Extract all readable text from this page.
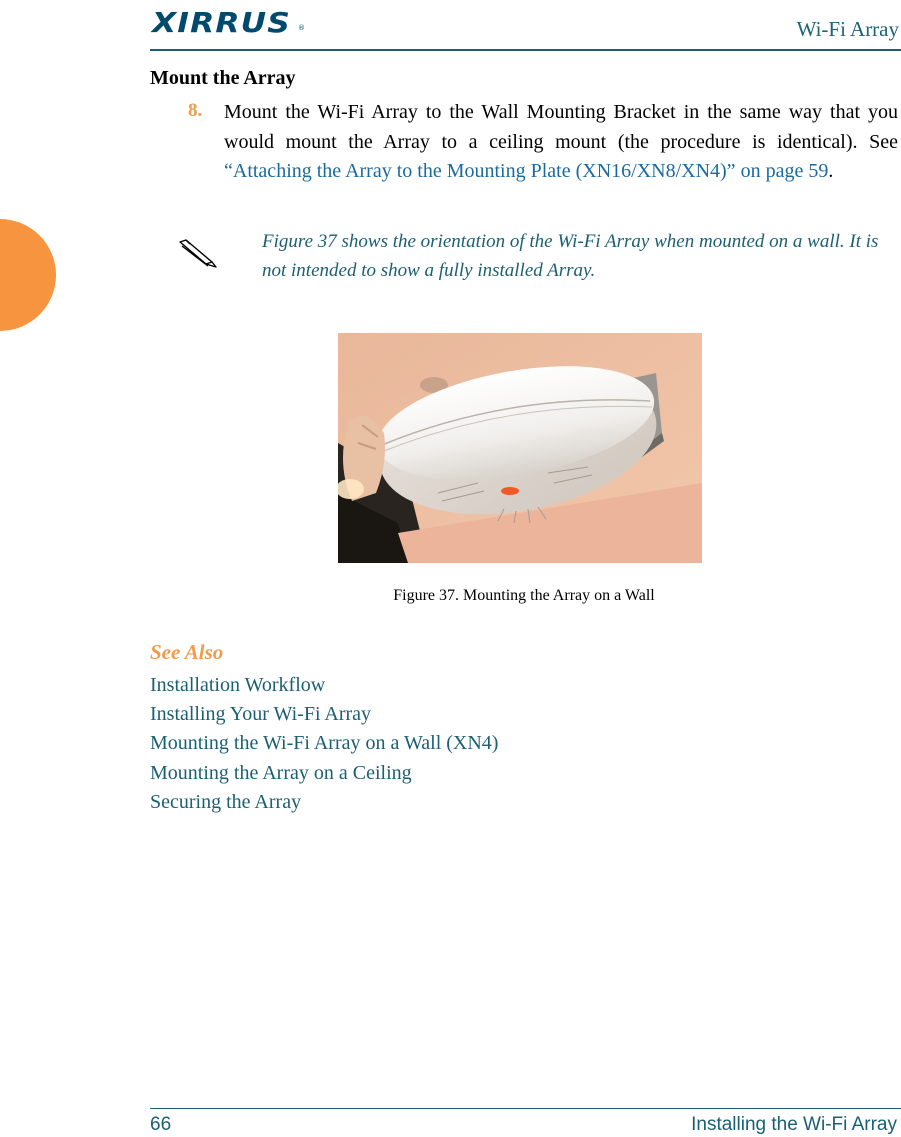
XIRRUS ®	Wi-Fi Array
Mount the Array
8. Mount the Wi-Fi Array to the Wall Mounting Bracket in the same way that you would mount the Array to a ceiling mount (the procedure is identical). See “Attaching the Array to the Mounting Plate (XN16/XN8/XN4)” on page 59.
Figure 37 shows the orientation of the Wi-Fi Array when mounted on a wall. It is not intended to show a fully installed Array.
Figure 37. Mounting the Array on a Wall
See Also
Installation Workflow
Installing Your Wi-Fi Array
Mounting the Wi-Fi Array on a Wall (XN4)
Mounting the Array on a Ceiling
Securing the Array
66	Installing the Wi-Fi Array
